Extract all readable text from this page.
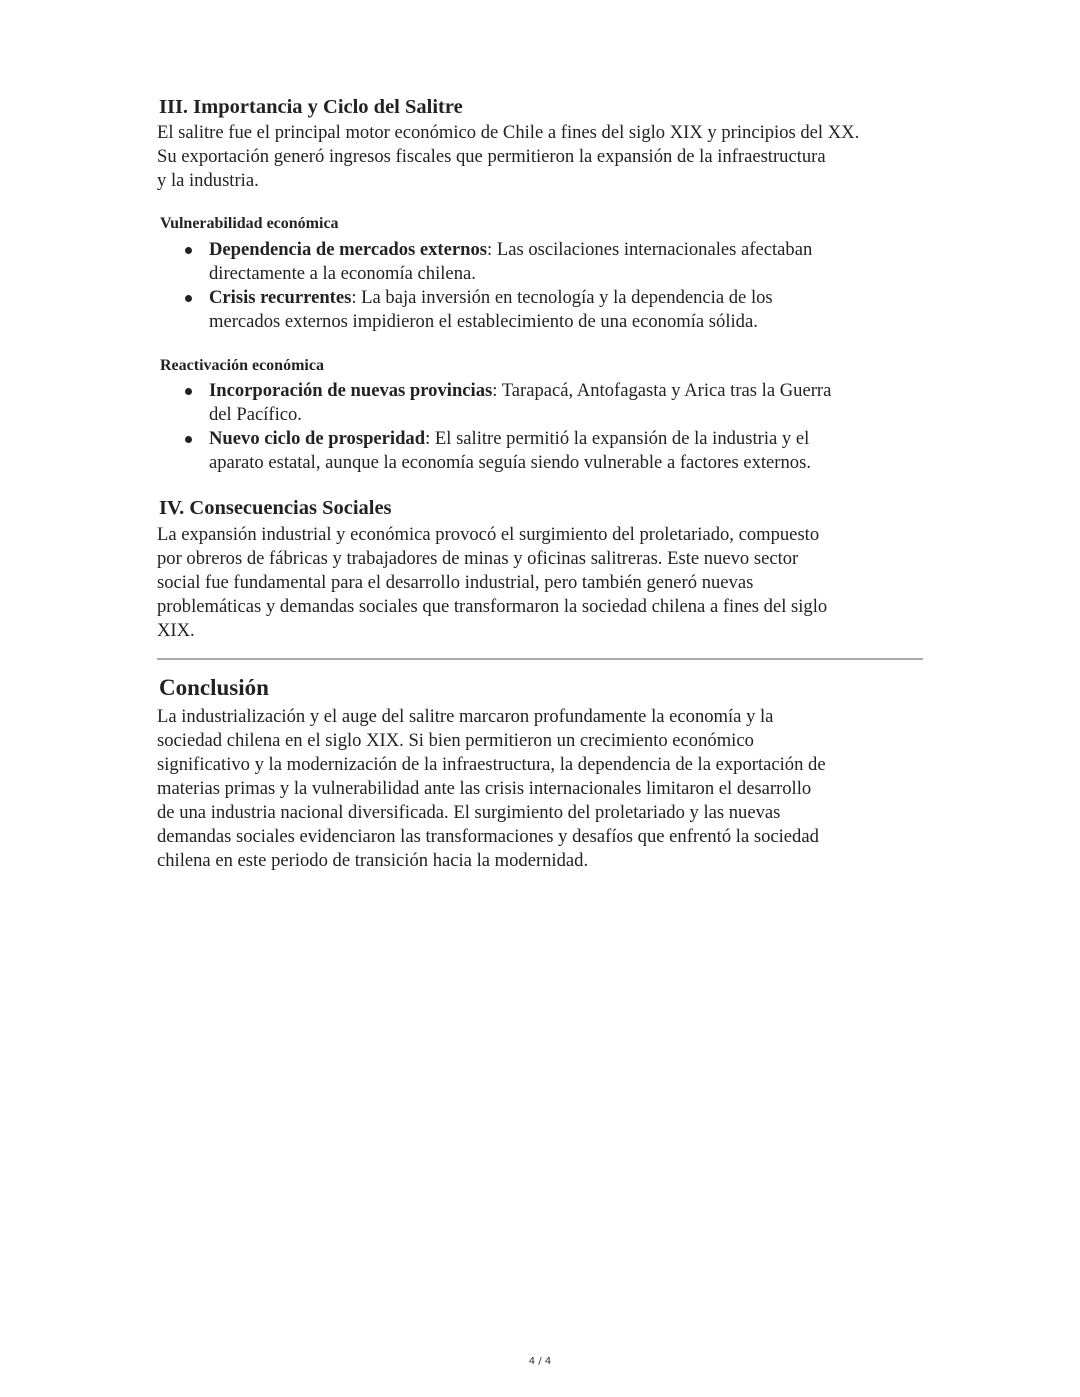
III. Importancia y Ciclo del Salitre
El salitre fue el principal motor económico de Chile a fines del siglo XIX y principios del XX.
Su exportación generó ingresos fiscales que permitieron la expansión de la infraestructura
y la industria.
Vulnerabilidad económica
Dependencia de mercados externos: Las oscilaciones internacionales afectaban
directamente a la economía chilena.
Crisis recurrentes: La baja inversión en tecnología y la dependencia de los
mercados externos impidieron el establecimiento de una economía sólida.
Reactivación económica
Incorporación de nuevas provincias: Tarapacá, Antofagasta y Arica tras la Guerra
del Pacífico.
Nuevo ciclo de prosperidad: El salitre permitió la expansión de la industria y el
aparato estatal, aunque la economía seguía siendo vulnerable a factores externos.
IV. Consecuencias Sociales
La expansión industrial y económica provocó el surgimiento del proletariado, compuesto
por obreros de fábricas y trabajadores de minas y oficinas salitreras. Este nuevo sector
social fue fundamental para el desarrollo industrial, pero también generó nuevas
problemáticas y demandas sociales que transformaron la sociedad chilena a fines del siglo
XIX.
Conclusión
La industrialización y el auge del salitre marcaron profundamente la economía y la
sociedad chilena en el siglo XIX. Si bien permitieron un crecimiento económico
significativo y la modernización de la infraestructura, la dependencia de la exportación de
materias primas y la vulnerabilidad ante las crisis internacionales limitaron el desarrollo
de una industria nacional diversificada. El surgimiento del proletariado y las nuevas
demandas sociales evidenciaron las transformaciones y desafíos que enfrentó la sociedad
chilena en este periodo de transición hacia la modernidad.
4 / 4
